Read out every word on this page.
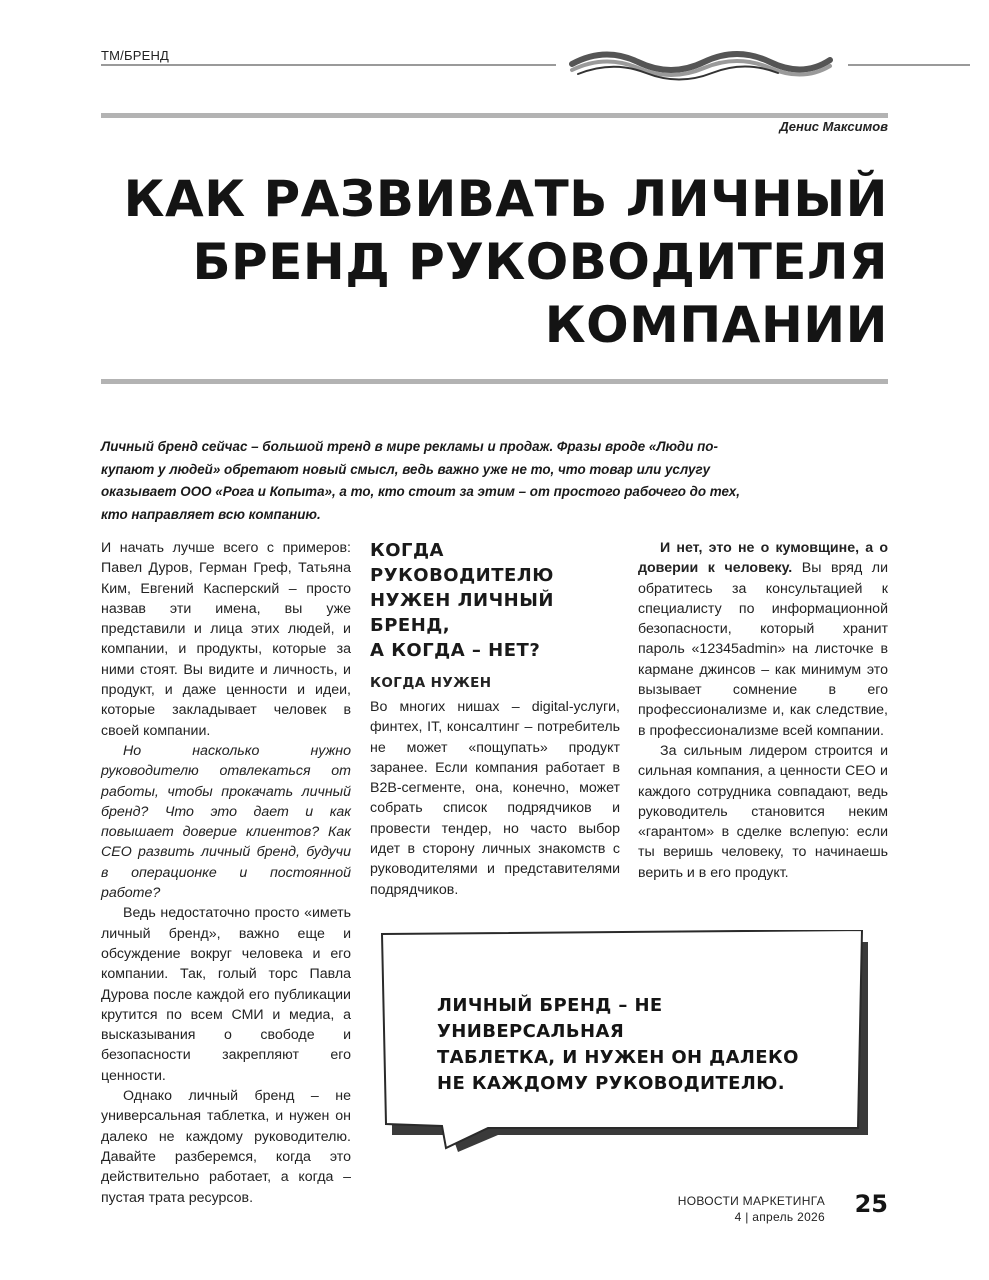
ТМ/БРЕНД
Денис Максимов
КАК РАЗВИВАТЬ ЛИЧНЫЙ
БРЕНД РУКОВОДИТЕЛЯ
КОМПАНИИ

Личный бренд сейчас – большой тренд в мире рекламы и продаж. Фразы вроде «Люди по-
купают у людей» обретают новый смысл, ведь важно уже не то, что товар или услугу
оказывает ООО «Рога и Копыта», а то, кто стоит за этим – от простого рабочего до тех,
кто направляет всю компанию.

И начать лучше всего с примеров: Павел Дуров, Герман Греф, Татьяна Ким, Евгений Касперский – просто назвав эти имена, вы уже представили и лица этих людей, и компании, и продукты, которые за ними стоят. Вы видите и личность, и продукт, и даже ценности и идеи, которые закладывает человек в своей компании.

Но насколько нужно руководителю отвлекаться от работы, чтобы прокачать личный бренд? Что это дает и как повышает доверие клиентов? Как CEO развить личный бренд, будучи в операционке и постоянной работе?

Ведь недостаточно просто «иметь личный бренд», важно еще и обсуждение вокруг человека и его компании. Так, голый торс Павла Дурова после каждой его публикации крутится по всем СМИ и медиа, а высказывания о свободе и безопасности закрепляют его ценности.

Однако личный бренд – не универсальная таблетка, и нужен он далеко не каждому руководителю. Давайте разберемся, когда это действительно работает, а когда – пустая трата ресурсов.

КОГДА
РУКОВОДИТЕЛЮ
НУЖЕН ЛИЧНЫЙ БРЕНД,
А КОГДА – НЕТ?
КОГДА НУЖЕН

Во многих нишах – digital-услуги, финтех, IT, консалтинг – потребитель не может «пощупать» продукт заранее. Если компания работает в B2B-сегменте, она, конечно, может собрать список подрядчиков и провести тендер, но часто выбор идет в сторону личных знакомств с руководителями и представителями подрядчиков.

И нет, это не о кумовщине, а о доверии к человеку. Вы вряд ли обратитесь за консультацией к специалисту по информационной безопасности, который хранит пароль «12345admin» на листочке в кармане джинсов – как минимум это вызывает сомнение в его профессионализме и, как следствие, в профессионализме всей компании.

За сильным лидером строится и сильная компания, а ценности CEO и каждого сотрудника совпадают, ведь руководитель становится неким «гарантом» в сделке вслепую: если ты веришь человеку, то начинаешь верить и в его продукт.

ЛИЧНЫЙ БРЕНД – НЕ УНИВЕРСАЛЬНАЯ
ТАБЛЕТКА, И НУЖЕН ОН ДАЛЕКО
НЕ КАЖДОМУ РУКОВОДИТЕЛЮ.

НОВОСТИ МАРКЕТИНГА
4 | апрель 2026 25
